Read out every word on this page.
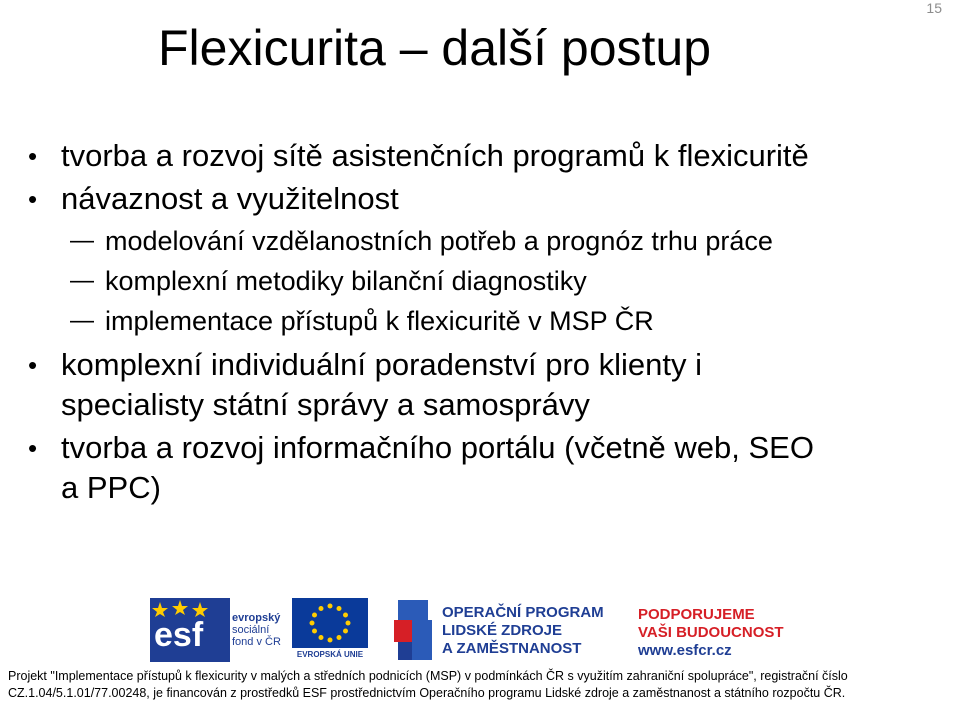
15
Flexicurita – další postup
• tvorba a rozvoj sítě asistenčních programů k flexicuritě
• návaznost a využitelnost
— modelování vzdělanostních potřeb a prognóz trhu práce
— komplexní metodiky bilanční diagnostiky
— implementace přístupů k flexicuritě v MSP ČR
• komplexní individuální poradenství pro klienty i
specialisty státní správy a samosprávy
• tvorba a rozvoj informačního portálu (včetně web, SEO
a PPC)
esf	evropský
sociální
fond v ČR
EVROPSKÁ UNIE
OPERAČNÍ PROGRAM
LIDSKÉ ZDROJE
A ZAMĚSTNANOST
PODPORUJEME
VAŠI BUDOUCNOST
www.esfcr.cz
Projekt "Implementace přístupů k flexicurity v malých a středních podnicích (MSP) v podmínkách ČR s využitím zahraniční spolupráce", registrační číslo
CZ.1.04/5.1.01/77.00248, je financován z prostředků ESF prostřednictvím Operačního programu Lidské zdroje a zaměstnanost a státního rozpočtu ČR.
